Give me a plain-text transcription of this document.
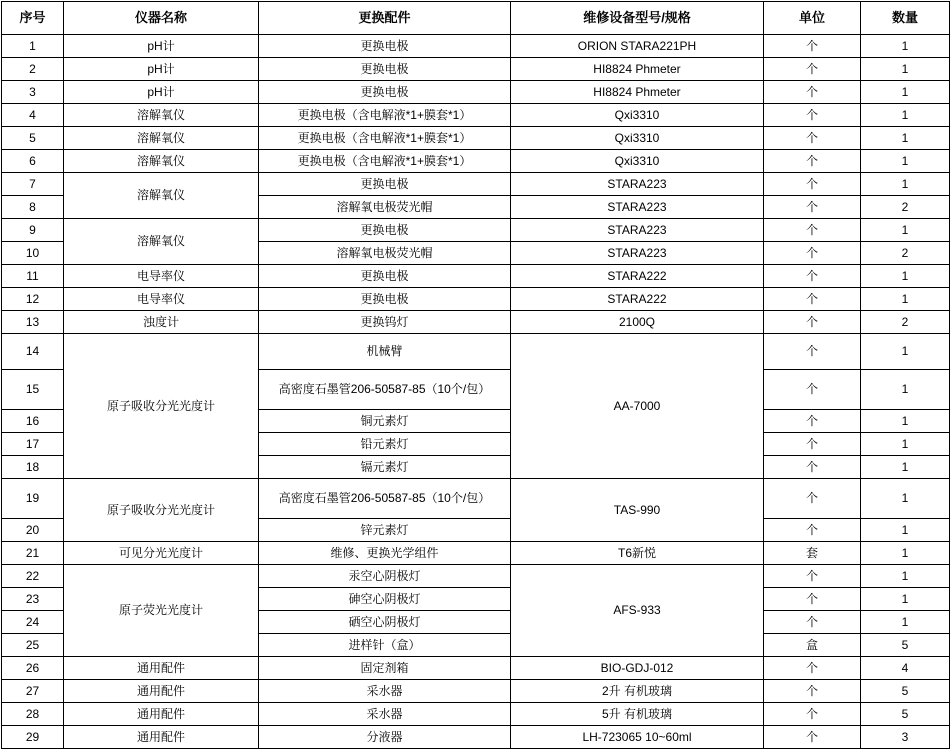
序号	仪器名称	更换配件	维修设备型号/规格	单位	数量
1	pH计	更换电极	ORION STARA221PH	个	1
2	pH计	更换电极	HI8824 Phmeter	个	1
3	pH计	更换电极	HI8824 Phmeter	个	1
4	溶解氧仪	更换电极（含电解液*1+膜套*1）	Qxi3310	个	1
5	溶解氧仪	更换电极（含电解液*1+膜套*1）	Qxi3310	个	1
6	溶解氧仪	更换电极（含电解液*1+膜套*1）	Qxi3310	个	1
7	溶解氧仪	更换电极	STARA223	个	1
8		溶解氧电极荧光帽	STARA223	个	2
9	溶解氧仪	更换电极	STARA223	个	1
10		溶解氧电极荧光帽	STARA223	个	2
11	电导率仪	更换电极	STARA222	个	1
12	电导率仪	更换电极	STARA222	个	1
13	浊度计	更换钨灯	2100Q	个	2
14	原子吸收分光光度计	机械臂	AA-7000	个	1
15		高密度石墨管206-50587-85（10个/包）		个	1
16		铜元素灯		个	1
17		铅元素灯		个	1
18		镉元素灯		个	1
19	原子吸收分光光度计	高密度石墨管206-50587-85（10个/包）	TAS-990	个	1
20		锌元素灯		个	1
21	可见分光光度计	维修、更换光学组件	T6新悦	套	1
22	原子荧光光度计	汞空心阴极灯	AFS-933	个	1
23		砷空心阴极灯		个	1
24		硒空心阴极灯		个	1
25		进样针（盒）		盒	5
26	通用配件	固定剂箱	BIO-GDJ-012	个	4
27	通用配件	采水器	2升 有机玻璃	个	5
28	通用配件	采水器	5升 有机玻璃	个	5
29	通用配件	分液器	LH-723065 10~60ml	个	3
